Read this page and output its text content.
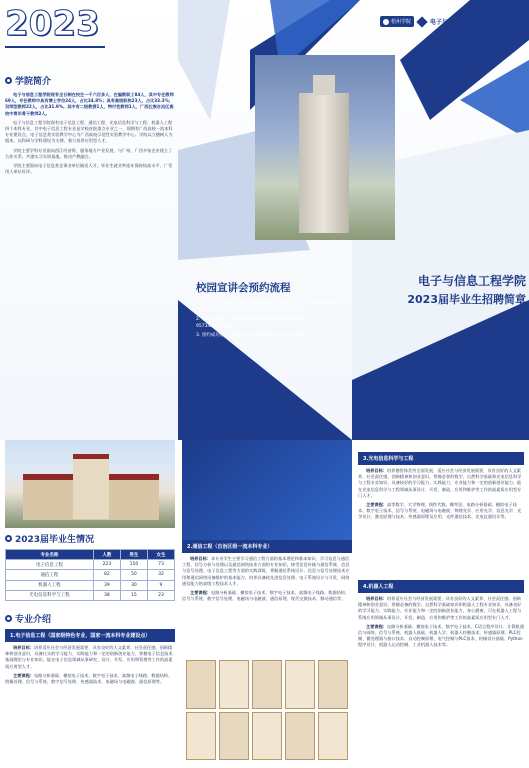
2023
学院简介

电子与信息工程学院现有全日制在校生一千六百多人，在编教职工84人，其中专任教师69人，专任教师中具有博士学位24人，占比34.8%；具有高级职称23人，占比33.3%；双师型教师22人，占比31.9%。其中有二级教授1人，特付性教师1人，广西壮族自治区高校中青年骨干教师2人。

电子与信息工程学院现有电子信息工程、通信工程、光电信息科学与工程、机器人工程四个本科专业，其中电子信息工程专业是学校首批重点专业之一，现拥有广西高校一流本科专业建设点，电子信息类实验教学中心为广西高校示范性实验教学中心。学院以立德树人为根本，以科研与学科建设为支撑，着力培养应用型人才。

学院主要学科专业面向西江经济带，服务地方产业发展，与广州、广西多家企业建立了合作关系，共建实习实训基地，推动产教融合。

学院主要面向电子信息类企事业单位输送人才，毕业生就业率连年保持较高水平，广受用人单位好评。

梧州学院	电子与信息工程学院
校园宣讲会预约流程
1. 与学院负责就业的梁静老师联系(18277480722)、吴善豪老师联系(18977446172)，预约宣讲的方式(线上、线下)和时间。
2. 将营业执照、招聘简章或宣讲大纲发到梁静老师邮箱：957342971@qq.com。
3. 预约成功后，梁静老师负责发通知给及协助宣讲事宜。
电子与信息工程学院
2023届毕业生招聘简章
2023届毕业生情况
专业名称	人数	男生	女生
电子信息工程	223	150	73
通信工程	82	50	32
机器人工程	39	30	9
光电信息科学与工程	38	15	23
专业介绍
1.电子信息工程（国家级特色专业、国家一流本科专业建设点）

培养目标：培养适应社会与经济发展需要、具有良好的人文素养、社会责任感、创新精神和创业意识，具备扎实的学习能力、实践能力和一定的创新创业能力，掌握电子信息技术基础理论与专业知识，能在电子信息领域从事研究、设计、开发、应用和管理等工作的高素质应用型人才。

主要课程：电路分析基础、模拟电子技术、数字电子技术、高频电子线路、数据结构、图像处理、信号与系统、数字信号处理、传感器技术、电磁场与电磁波、通信原理等。

2.通信工程（自治区级一流本科专业）

培养目标：本专业学生主要学习通信工程方面的基本理论和基本知识，学习信息与通信工程、信号分析与处理以及通信网络技术方面的专业知识，接受信息传输与通信系统、信息与信号处理、电子信息工程等方面的实践训练，掌握通信系统设计、信息与信号处理技术应用和通信网络设备维护的基本能力，培养具备较先进信息处理、电子系统设计与开发、网络通信能力的高级工程技术人才。

主要课程：电路分析基础、模拟电子技术、数字电子技术、高频电子线路、数据结构、信号与系统、数字信号处理、电磁场与电磁波、通信原理、现代交换技术、移动通信等。

3.光电信息科学与工程

培养目标：培养德智体美劳全面发展、适应社会与经济发展需要，具有良好的人文素养、社会责任感、创新精神和创业意识，掌握必要的数学、自然科学基础和光电信息科学与工程专业知识，具备较好的学习能力、实践能力、专业能力和一定的创新创业能力，能在光电信息科学与工程领域从事设计、开发、制造、应用和维护等工作的高素质应用型专门人才。

主要课程：高等数学、大学物理、线性代数、概率论、电路分析基础、模拟电子技术、数字电子技术、信号与系统、电磁场与电磁波、物理光学、应用光学、信息光学、光学设计、激光原理与技术、传感器原理及应用、光纤通信技术、光电仪器设计等。

4.机器人工程

培养目标：培养适应社会与经济发展需要、具有良好的人文素养、社会责任感、创新精神和创业意识，掌握必备的数学、自然科学基础知识和机器人工程专业知识，具备良好的学习能力、实践能力、专业能力和一定的创新创业能力，身心健康，可在机器人工程与系统应用领域从事设计、开发、制造、应用和维护等工作的高素质应用型专门人才。

主要课程：电路分析基础、模拟电子技术、数字电子技术、C语言程序设计、计算机通信与网络、信号与系统、机器人基础、机器人学、机器人控制技术、传感器原理、PLC控制、微处理器与接口技术、自动控制原理、电气控制与PLC技术、机械设计基础、Python程序设计、机器人运动控制、工业机器人技术等。
